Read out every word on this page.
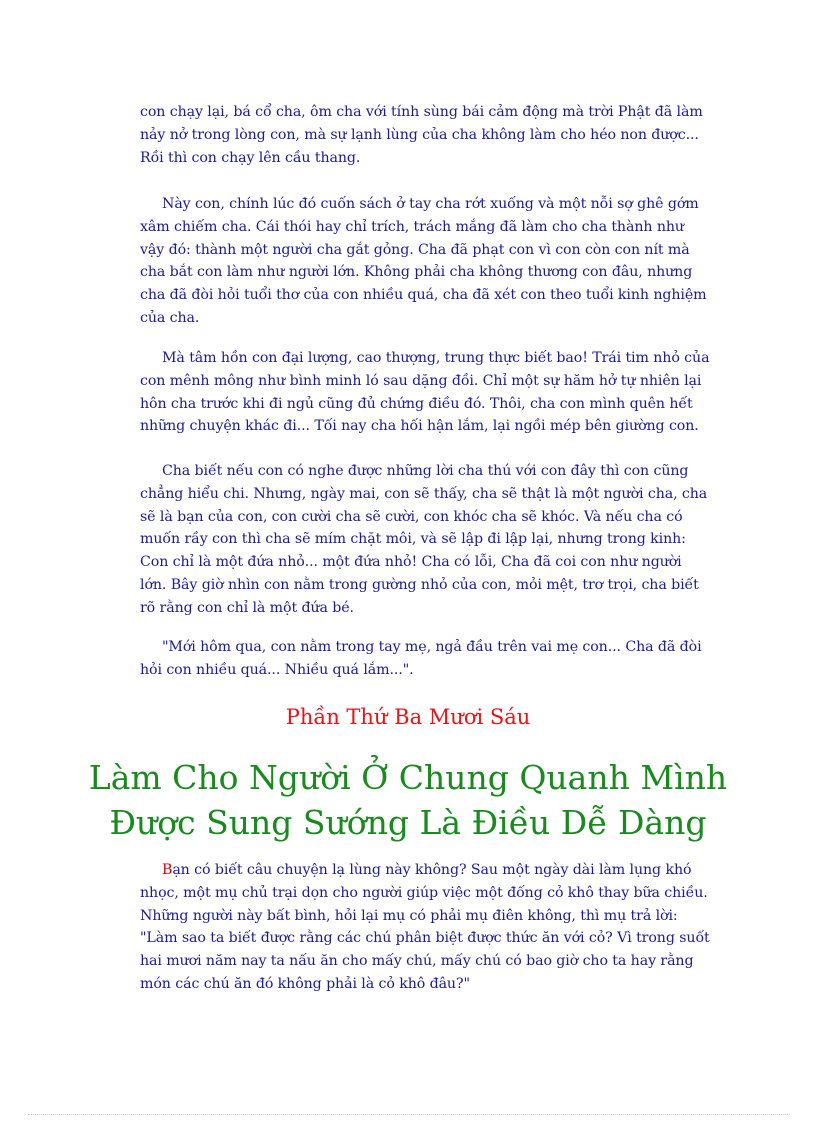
con chạy lại, bá cổ cha, ôm cha với tính sùng bái cảm động mà trời Phật đã làm
nảy nở trong lòng con, mà sự lạnh lùng của cha không làm cho héo non được...
Rồi thì con chạy lên cầu thang.
Này con, chính lúc đó cuốn sách ở tay cha rớt xuống và một nỗi sợ ghê gớm
xâm chiếm cha. Cái thói hay chỉ trích, trách mắng đã làm cho cha thành như
vậy đó: thành một người cha gắt gỏng. Cha đã phạt con vì con còn con nít mà
cha bắt con làm như người lớn. Không phải cha không thương con đâu, nhưng
cha đã đòi hỏi tuổi thơ của con nhiều quá, cha đã xét con theo tuổi kinh nghiệm
của cha.
Mà tâm hồn con đại lượng, cao thượng, trung thực biết bao! Trái tim nhỏ của
con mênh mông như bình minh ló sau dặng đồi. Chỉ một sự hăm hở tự nhiên lại
hôn cha trước khi đi ngủ cũng đủ chứng điều đó. Thôi, cha con mình quên hết
những chuyện khác đi... Tối nay cha hối hận lắm, lại ngồi mép bên giường con.
Cha biết nếu con có nghe được những lời cha thú với con đây thì con cũng
chẳng hiểu chi. Nhưng, ngày mai, con sẽ thấy, cha sẽ thật là một người cha, cha
sẽ là bạn của con, con cười cha sẽ cười, con khóc cha sẽ khóc. Và nếu cha có
muốn rầy con thì cha sẽ mím chặt môi, và sẽ lập đi lập lại, nhưng trong kinh:
Con chỉ là một đứa nhỏ... một đứa nhỏ! Cha có lỗi, Cha đã coi con như người
lớn. Bây giờ nhìn con nằm trong gường nhỏ của con, mỏi mệt, trơ trọi, cha biết
rõ rằng con chỉ là một đứa bé.
"Mới hôm qua, con nằm trong tay mẹ, ngả đầu trên vai mẹ con... Cha đã đòi
hỏi con nhiều quá... Nhiều quá lắm...".

Phần Thứ Ba Mươi Sáu

Làm Cho Người Ở Chung Quanh Mình

Được Sung Sướng Là Điều Dễ Dàng

Bạn có biết câu chuyện lạ lùng này không? Sau một ngày dài làm lụng khó
nhọc, một mụ chủ trại dọn cho người giúp việc một đống cỏ khô thay bữa chiều.
Những người này bất bình, hỏi lại mụ có phải mụ điên không, thì mụ trả lời:
"Làm sao ta biết được rằng các chú phân biệt được thức ăn với cỏ? Vì trong suốt
hai mươi năm nay ta nấu ăn cho mấy chú, mấy chú có bao giờ cho ta hay rằng
món các chú ăn đó không phải là cỏ khô đâu?"
